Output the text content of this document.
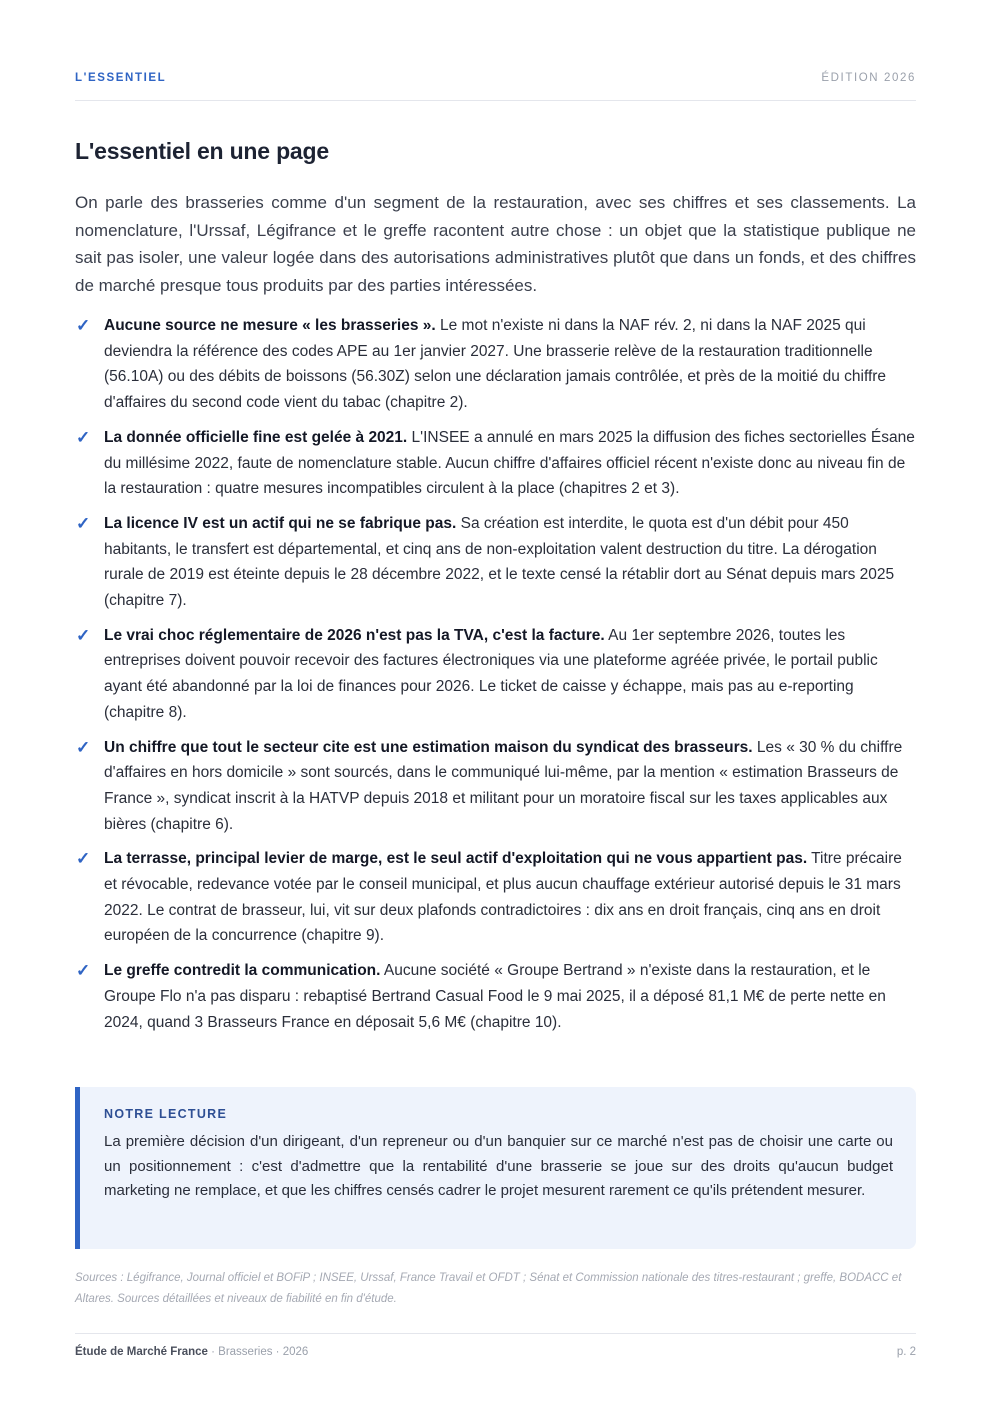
L'ESSENTIEL	ÉDITION 2026
L'essentiel en une page

On parle des brasseries comme d'un segment de la restauration, avec ses chiffres et ses classements. La nomenclature, l'Urssaf, Légifrance et le greffe racontent autre chose : un objet que la statistique publique ne sait pas isoler, une valeur logée dans des autorisations administratives plutôt que dans un fonds, et des chiffres de marché presque tous produits par des parties intéressées.

✓ Aucune source ne mesure « les brasseries ». Le mot n'existe ni dans la NAF rév. 2, ni dans la NAF 2025 qui deviendra la référence des codes APE au 1er janvier 2027. Une brasserie relève de la restauration traditionnelle (56.10A) ou des débits de boissons (56.30Z) selon une déclaration jamais contrôlée, et près de la moitié du chiffre d'affaires du second code vient du tabac (chapitre 2).
✓ La donnée officielle fine est gelée à 2021. L'INSEE a annulé en mars 2025 la diffusion des fiches sectorielles Ésane du millésime 2022, faute de nomenclature stable. Aucun chiffre d'affaires officiel récent n'existe donc au niveau fin de la restauration : quatre mesures incompatibles circulent à la place (chapitres 2 et 3).
✓ La licence IV est un actif qui ne se fabrique pas. Sa création est interdite, le quota est d'un débit pour 450 habitants, le transfert est départemental, et cinq ans de non-exploitation valent destruction du titre. La dérogation rurale de 2019 est éteinte depuis le 28 décembre 2022, et le texte censé la rétablir dort au Sénat depuis mars 2025 (chapitre 7).
✓ Le vrai choc réglementaire de 2026 n'est pas la TVA, c'est la facture. Au 1er septembre 2026, toutes les entreprises doivent pouvoir recevoir des factures électroniques via une plateforme agréée privée, le portail public ayant été abandonné par la loi de finances pour 2026. Le ticket de caisse y échappe, mais pas au e-reporting (chapitre 8).
✓ Un chiffre que tout le secteur cite est une estimation maison du syndicat des brasseurs. Les « 30 % du chiffre d'affaires en hors domicile » sont sourcés, dans le communiqué lui-même, par la mention « estimation Brasseurs de France », syndicat inscrit à la HATVP depuis 2018 et militant pour un moratoire fiscal sur les taxes applicables aux bières (chapitre 6).
✓ La terrasse, principal levier de marge, est le seul actif d'exploitation qui ne vous appartient pas. Titre précaire et révocable, redevance votée par le conseil municipal, et plus aucun chauffage extérieur autorisé depuis le 31 mars 2022. Le contrat de brasseur, lui, vit sur deux plafonds contradictoires : dix ans en droit français, cinq ans en droit européen de la concurrence (chapitre 9).
✓ Le greffe contredit la communication. Aucune société « Groupe Bertrand » n'existe dans la restauration, et le Groupe Flo n'a pas disparu : rebaptisé Bertrand Casual Food le 9 mai 2025, il a déposé 81,1 M€ de perte nette en 2024, quand 3 Brasseurs France en déposait 5,6 M€ (chapitre 10).
NOTRE LECTURE

La première décision d'un dirigeant, d'un repreneur ou d'un banquier sur ce marché n'est pas de choisir une carte ou un positionnement : c'est d'admettre que la rentabilité d'une brasserie se joue sur des droits qu'aucun budget marketing ne remplace, et que les chiffres censés cadrer le projet mesurent rarement ce qu'ils prétendent mesurer.

Sources : Légifrance, Journal officiel et BOFiP ; INSEE, Urssaf, France Travail et OFDT ; Sénat et Commission nationale des titres-restaurant ; greffe, BODACC et Altares. Sources détaillées et niveaux de fiabilité en fin d'étude.

Étude de Marché France · Brasseries · 2026	p. 2
